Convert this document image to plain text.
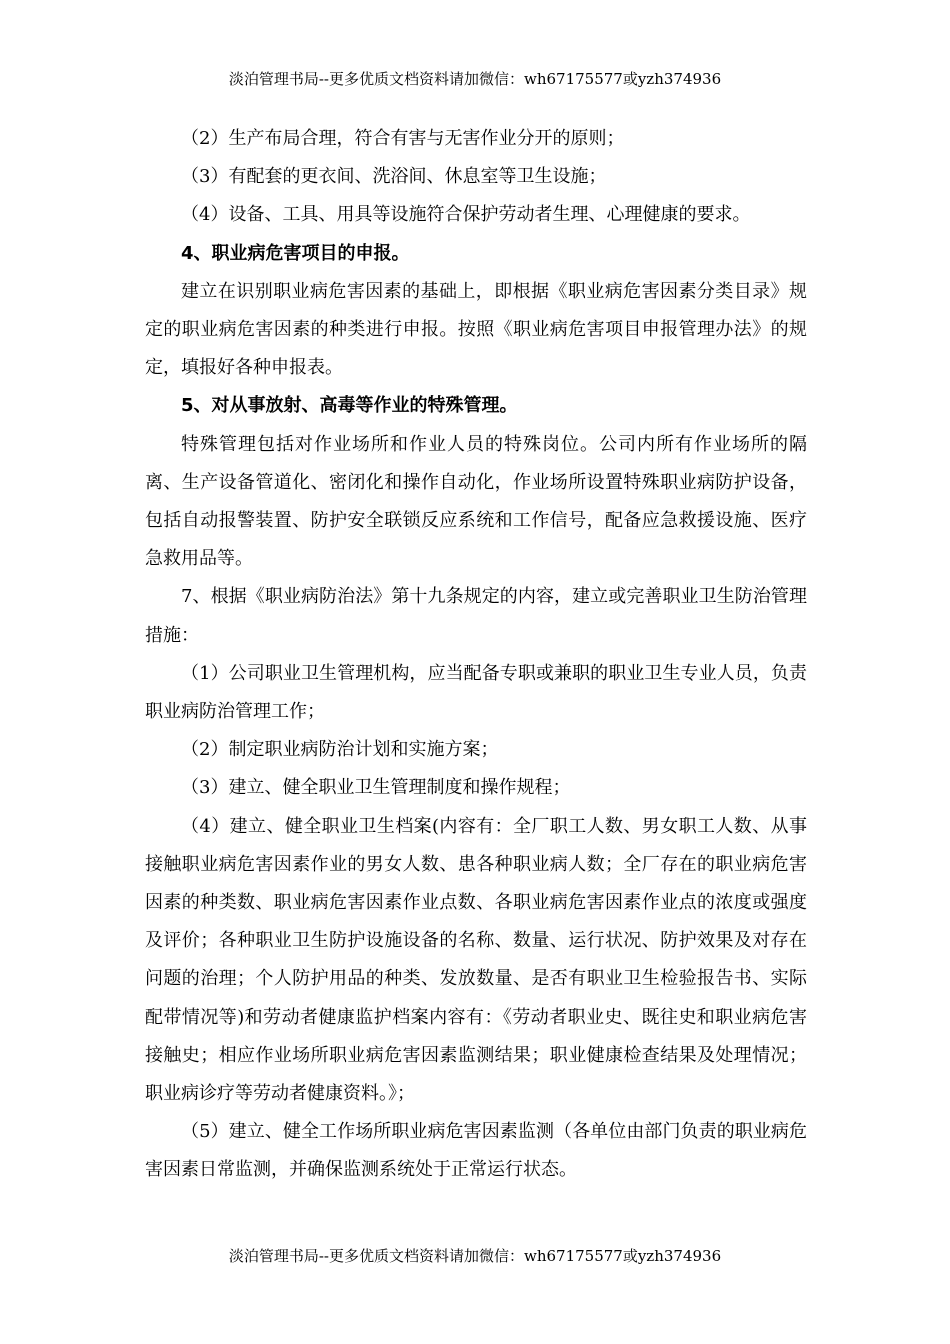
淡泊管理书局--更多优质文档资料请加微信：wh67175577或yzh374936

（2）生产布局合理，符合有害与无害作业分开的原则；

（3）有配套的更衣间、洗浴间、休息室等卫生设施；

（4）设备、工具、用具等设施符合保护劳动者生理、心理健康的要求。

4、职业病危害项目的申报。

建立在识别职业病危害因素的基础上，即根据《职业病危害因素分类目录》规定的职业病危害因素的种类进行申报。按照《职业病危害项目申报管理办法》的规定，填报好各种申报表。

5、对从事放射、高毒等作业的特殊管理。

特殊管理包括对作业场所和作业人员的特殊岗位。公司内所有作业场所的隔离、生产设备管道化、密闭化和操作自动化，作业场所设置特殊职业病防护设备，包括自动报警装置、防护安全联锁反应系统和工作信号，配备应急救援设施、医疗急救用品等。

7、根据《职业病防治法》第十九条规定的内容，建立或完善职业卫生防治管理措施：

（1）公司职业卫生管理机构，应当配备专职或兼职的职业卫生专业人员，负责职业病防治管理工作；

（2）制定职业病防治计划和实施方案；

（3）建立、健全职业卫生管理制度和操作规程；

（4）建立、健全职业卫生档案(内容有：全厂职工人数、男女职工人数、从事接触职业病危害因素作业的男女人数、患各种职业病人数；全厂存在的职业病危害因素的种类数、职业病危害因素作业点数、各职业病危害因素作业点的浓度或强度及评价；各种职业卫生防护设施设备的名称、数量、运行状况、防护效果及对存在问题的治理；个人防护用品的种类、发放数量、是否有职业卫生检验报告书、实际配带情况等)和劳动者健康监护档案内容有：《劳动者职业史、既往史和职业病危害接触史；相应作业场所职业病危害因素监测结果；职业健康检查结果及处理情况；职业病诊疗等劳动者健康资料。》；

（5）建立、健全工作场所职业病危害因素监测（各单位由部门负责的职业病危害因素日常监测，并确保监测系统处于正常运行状态。

淡泊管理书局--更多优质文档资料请加微信：wh67175577或yzh374936
